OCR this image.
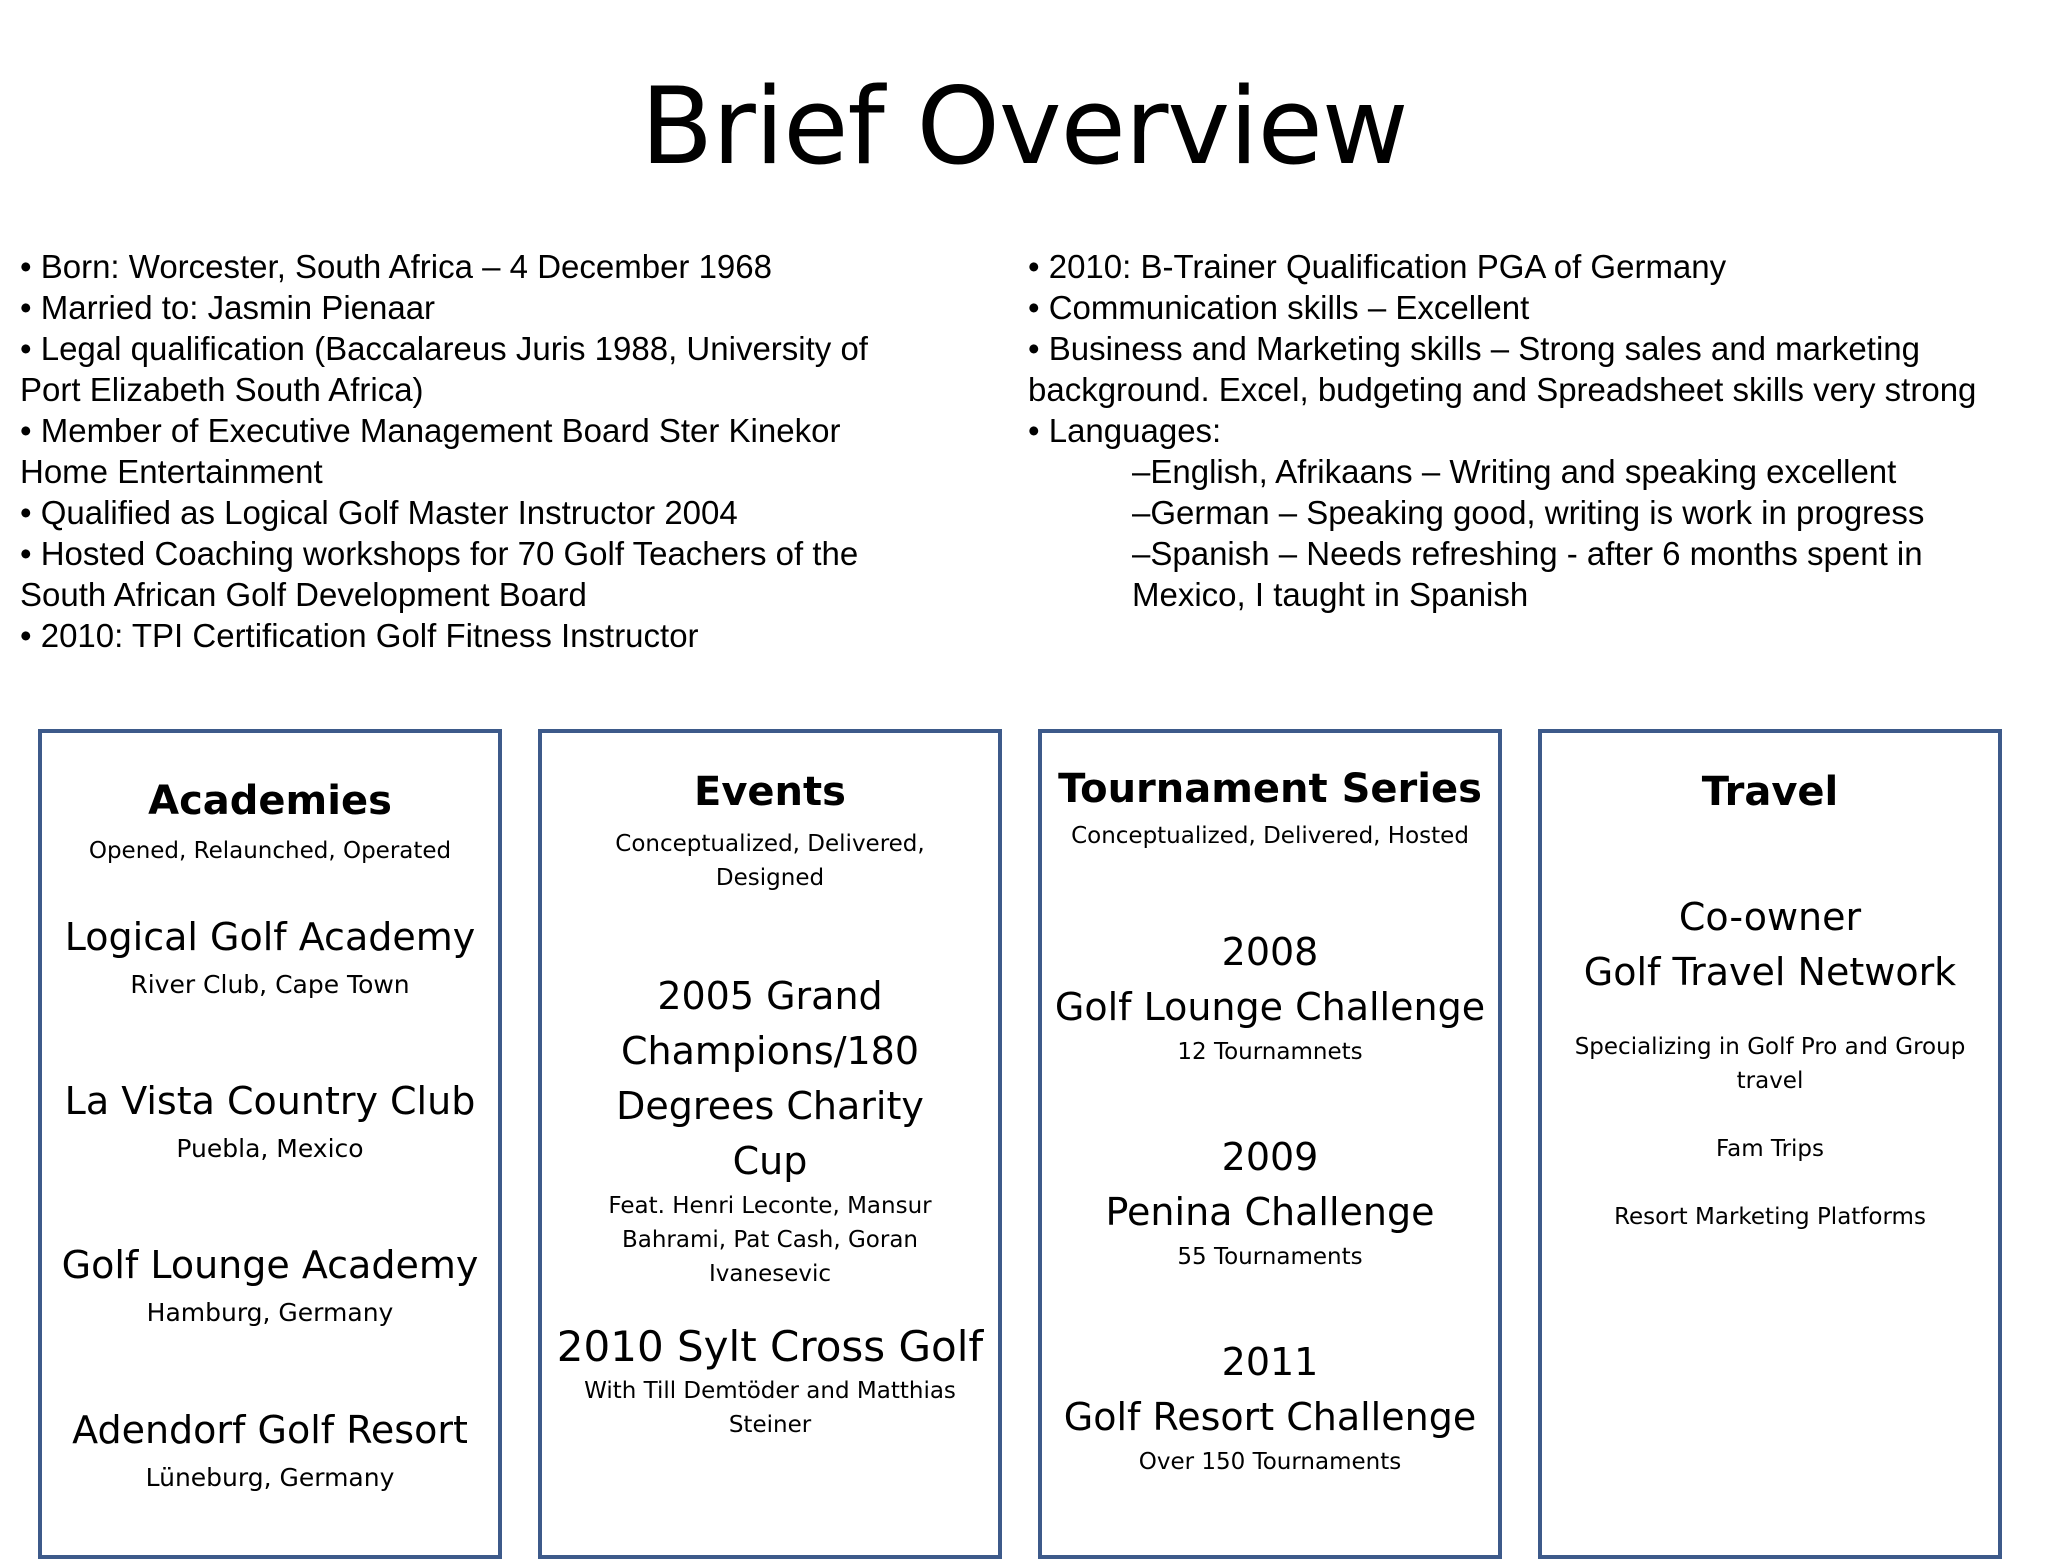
Brief Overview

• Born: Worcester, South Africa – 4 December 1968

• Married to: Jasmin Pienaar

• Legal qualification (Baccalareus Juris 1988, University of Port Elizabeth South Africa)

• Member of Executive Management Board Ster Kinekor Home Entertainment

• Qualified as Logical Golf Master Instructor 2004

• Hosted Coaching workshops for 70 Golf Teachers of the South African Golf Development Board

• 2010: TPI Certification Golf Fitness Instructor

• 2010: B-Trainer Qualification PGA of Germany

• Communication skills – Excellent

• Business and Marketing skills – Strong sales and marketing background. Excel, budgeting and Spreadsheet skills very strong

• Languages:

–English, Afrikaans – Writing and speaking excellent

–German – Speaking good, writing is work in progress

–Spanish – Needs refreshing - after 6 months spent in Mexico, I taught in Spanish

Academies
Opened, Relaunched, Operated
Logical Golf Academy
River Club, Cape Town
La Vista Country Club
Puebla, Mexico
Golf Lounge Academy
Hamburg, Germany
Adendorf Golf Resort
Lüneburg, Germany
Events
Conceptualized, Delivered, Designed
2005 Grand Champions/180 Degrees Charity Cup
Feat. Henri Leconte, Mansur Bahrami, Pat Cash, Goran Ivanesevic
2010 Sylt Cross Golf
With Till Demtöder and Matthias Steiner
Tournament Series
Conceptualized, Delivered, Hosted
2008
Golf Lounge Challenge
12 Tournamnets
2009
Penina Challenge
55 Tournaments
2011
Golf Resort Challenge
Over 150 Tournaments
Travel
Co-owner
Golf Travel Network
Specializing in Golf Pro and Group travel
Fam Trips
Resort Marketing Platforms
